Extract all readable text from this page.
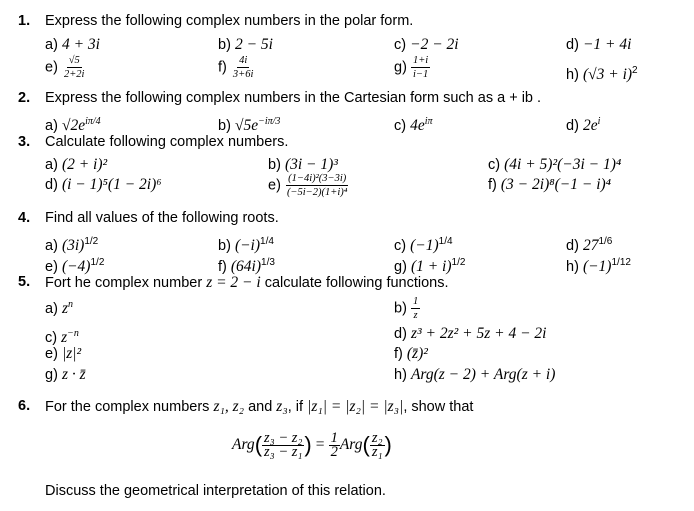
1. Express the following complex numbers in the polar form.
a) 4 + 3i	b) 2 − 5i	c) −2 − 2i	d) −1 + 4i
$e) \frac{√5}{2+2i}$	$f) \frac{4i}{3+6i}$	$g) \frac{1+i}{i-1}$	h) $(√3 + i)^2$
2. Express the following complex numbers in the Cartesian form such as a + ib .
a) $√2e^{i\pi/4}$	b) $√5e^{-i\pi/3}$	c) $4e^{i\pi}$	d) $2e^i$
3. Calculate following complex numbers.
a) (2 + i)²	b) (3i − 1)³	c) (4i + 5)²(−3i − 1)⁴
d) (i − 1)⁵(1 − 2i)⁶	$e) \frac{\text{(1−4i)²(3−3i)}}{\text{(−5i−2)(1+i)⁴}}$	f) (3 − 2i)⁸(−1 − i)⁴
4. Find all values of the following roots.
a) $(3i)^{1/2}$	b) $(-i)^{1/4}$	c) $(-1)^{1/4}$	d) $27^{1/6}$
e) $(-4)^{1/2}$	f) $(64i)^{1/3}$	g) $(1 + i)^{1/2}$	h) $(-1)^{1/12}$
5. Fort he complex number z = 2 − i calculate following functions.
a) $z^n$	$b) \frac{1}{z}$
c) $z^{-n}$	d) z³ + 2z² + 5z + 4 − 2i
e) |z|²	f) (z̄)²
g) z · z̄	h) Arg(z − 2) + Arg(z + i)
6. For the complex numbers z₁, z₂ and z₃, if |z₁| = |z₂| = |z₃|, show that
$Arg( \frac{\text{z₃ − z₂}}{\text{z₃ − z₁}}$ ) = $\frac{1}{2} Arg( \frac{\text{z₂}}{\text{z₁}}$ )
Discuss the geometrical interpretation of this relation.
